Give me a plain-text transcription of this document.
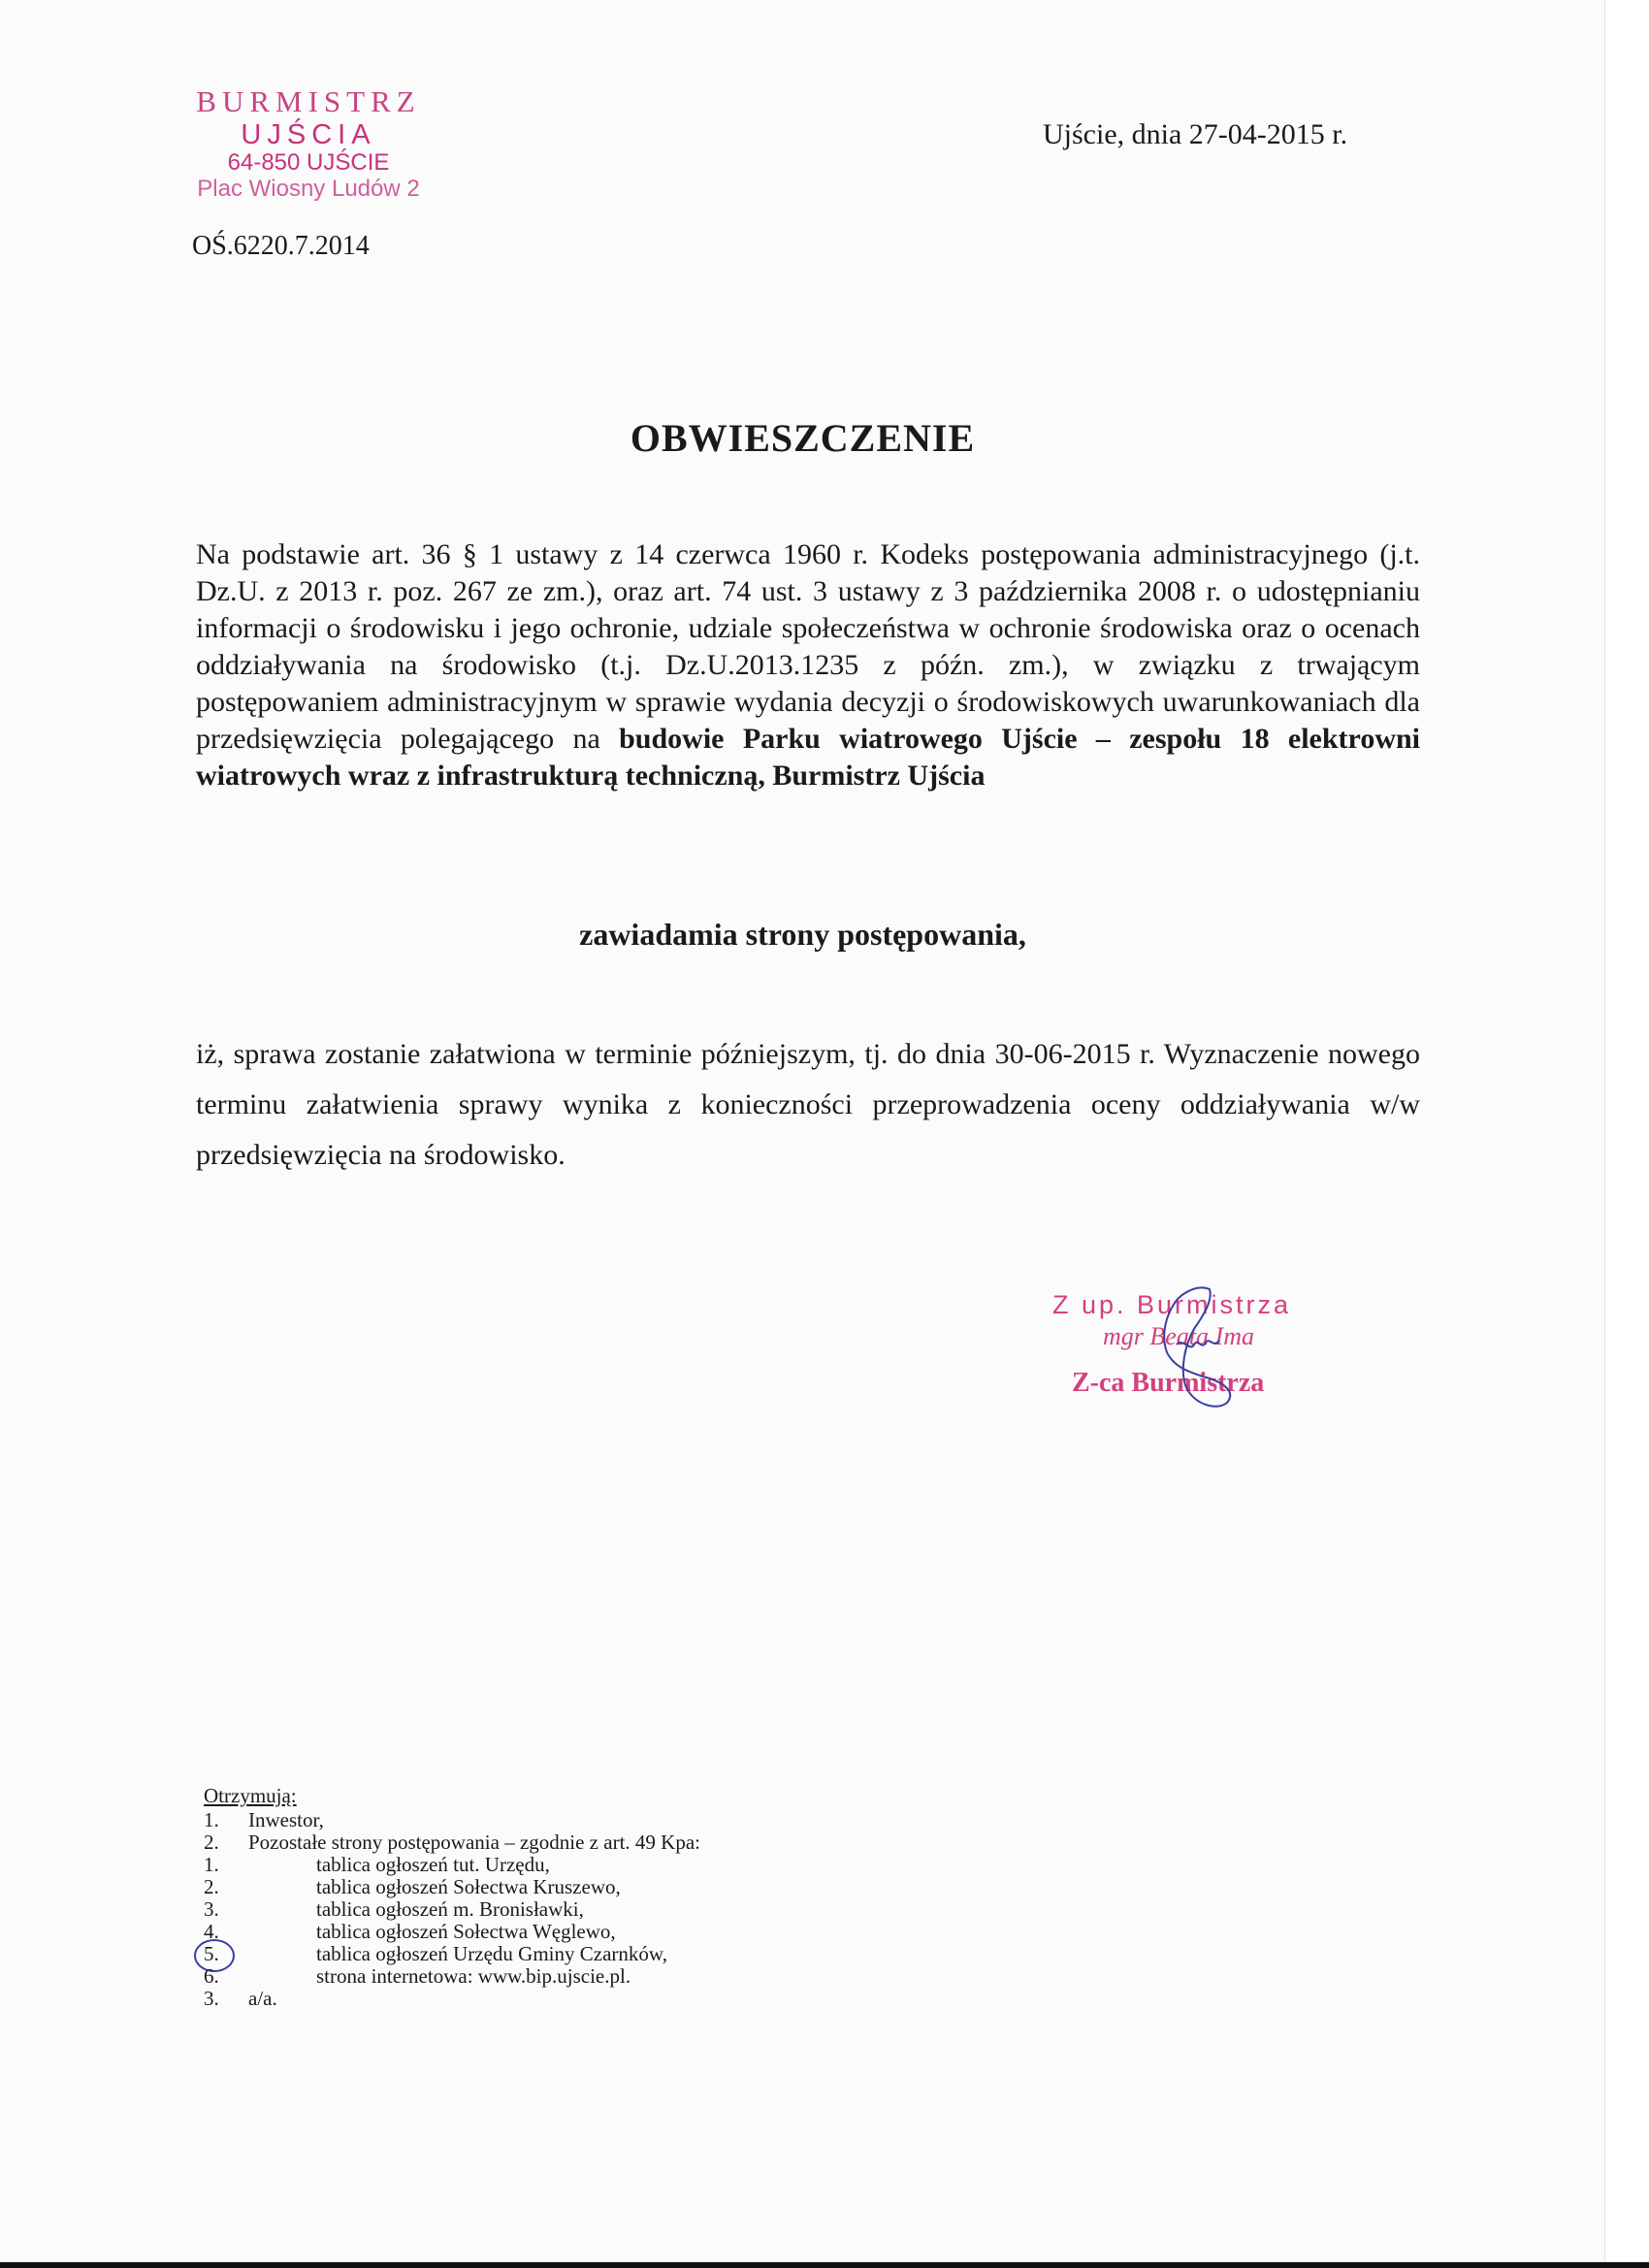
BURMISTRZ
UJŚCIA
64-850 UJŚCIE
Plac Wiosny Ludów 2
Ujście, dnia 27-04-2015 r.
OŚ.6220.7.2014
OBWIESZCZENIE
Na podstawie art. 36 § 1 ustawy z 14 czerwca 1960 r. Kodeks postępowania administracyjnego (j.t. Dz.U. z 2013 r. poz. 267 ze zm.), oraz art. 74 ust. 3 ustawy z 3 października 2008 r. o udostępnianiu informacji o środowisku i jego ochronie, udziale społeczeństwa w ochronie środowiska oraz o ocenach oddziaływania na środowisko (t.j. Dz.U.2013.1235 z późn. zm.), w związku z trwającym postępowaniem administracyjnym w sprawie wydania decyzji o środowiskowych uwarunkowaniach dla przedsięwzięcia polegającego na budowie Parku wiatrowego Ujście – zespołu 18 elektrowni wiatrowych wraz z infrastrukturą techniczną, Burmistrz Ujścia
zawiadamia strony postępowania,
iż, sprawa zostanie załatwiona w terminie późniejszym, tj. do dnia 30-06-2015 r. Wyznaczenie nowego terminu załatwienia sprawy wynika z konieczności przeprowadzenia oceny oddziaływania w/w przedsięwzięcia na środowisko.
Z up. Burmistrza
mgr Beata Ima
Z-ca Burmistrza
Otrzymują:
1. Inwestor,
2. Pozostałe strony postępowania – zgodnie z art. 49 Kpa:
1.	tablica ogłoszeń tut. Urzędu,
2.	tablica ogłoszeń Sołectwa Kruszewo,
3.	tablica ogłoszeń m. Bronisławki,
4.	tablica ogłoszeń Sołectwa Węglewo,
5.	tablica ogłoszeń Urzędu Gminy Czarnków,
6.	strona internetowa: www.bip.ujscie.pl.
3. a/a.
